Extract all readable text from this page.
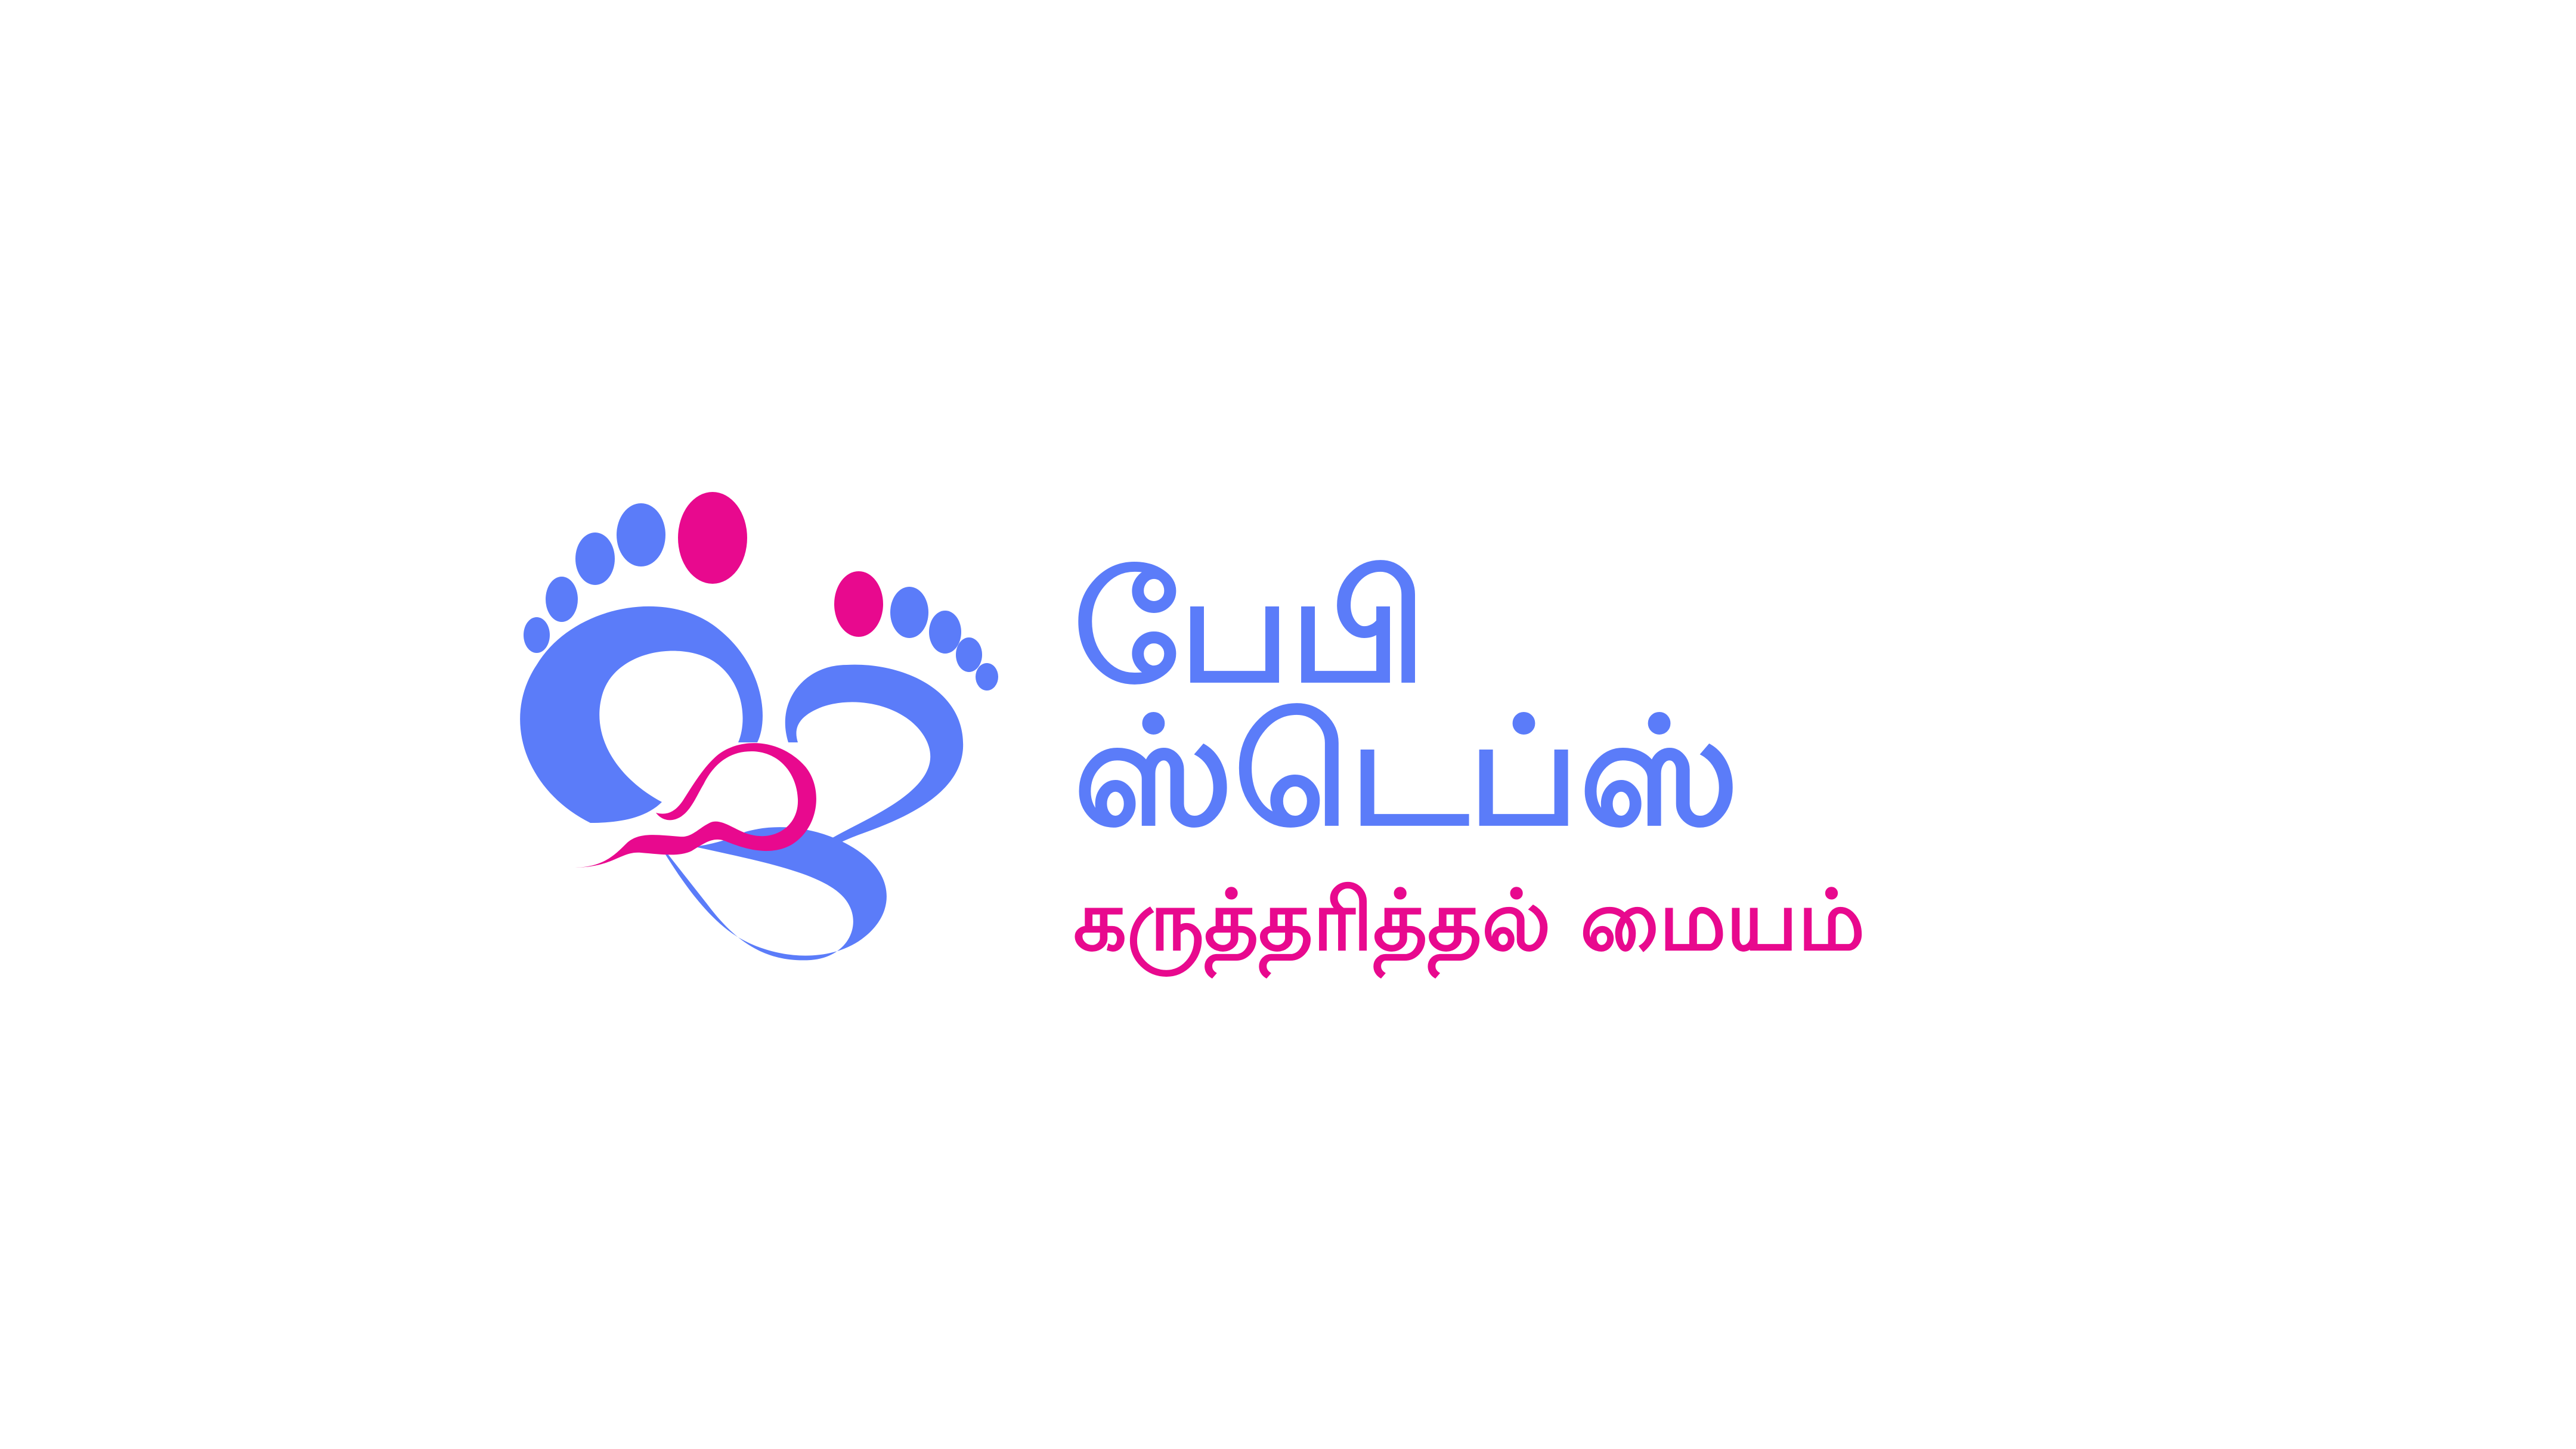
பேபி
ஸ்டெப்ஸ்
கருத்தரித்தல் மையம்
